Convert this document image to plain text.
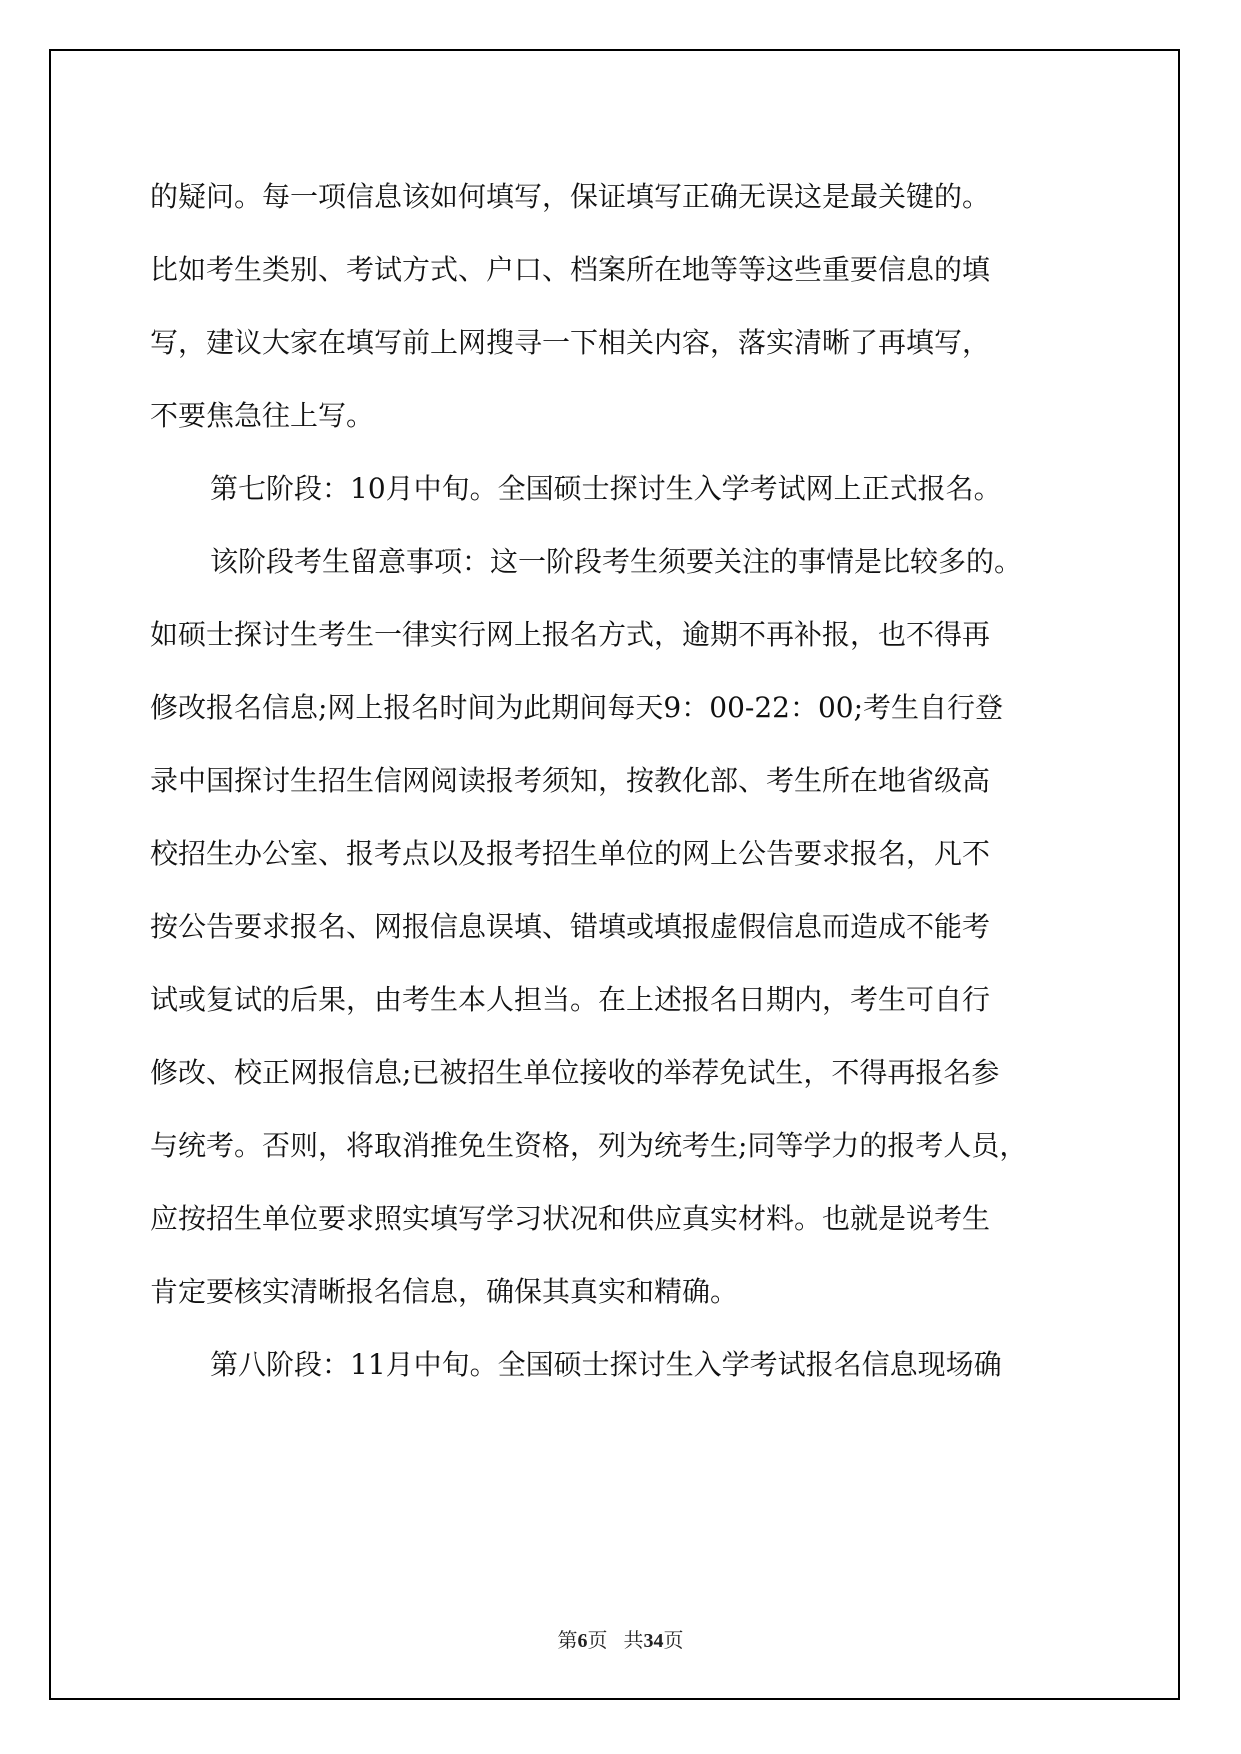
的疑问。每一项信息该如何填写，保证填写正确无误这是最关键的。
比如考生类别、考试方式、户口、档案所在地等等这些重要信息的填
写，建议大家在填写前上网搜寻一下相关内容，落实清晰了再填写，
不要焦急往上写。
第七阶段：10月中旬。全国硕士探讨生入学考试网上正式报名。
该阶段考生留意事项：这一阶段考生须要关注的事情是比较多的。
如硕士探讨生考生一律实行网上报名方式，逾期不再补报，也不得再
修改报名信息;网上报名时间为此期间每天9：00-22：00;考生自行登
录中国探讨生招生信网阅读报考须知，按教化部、考生所在地省级高
校招生办公室、报考点以及报考招生单位的网上公告要求报名，凡不
按公告要求报名、网报信息误填、错填或填报虚假信息而造成不能考
试或复试的后果，由考生本人担当。在上述报名日期内，考生可自行
修改、校正网报信息;已被招生单位接收的举荐免试生，不得再报名参
与统考。否则，将取消推免生资格，列为统考生;同等学力的报考人员，
应按招生单位要求照实填写学习状况和供应真实材料。也就是说考生
肯定要核实清晰报名信息，确保其真实和精确。
第八阶段：11月中旬。全国硕士探讨生入学考试报名信息现场确
第6页 共34页
